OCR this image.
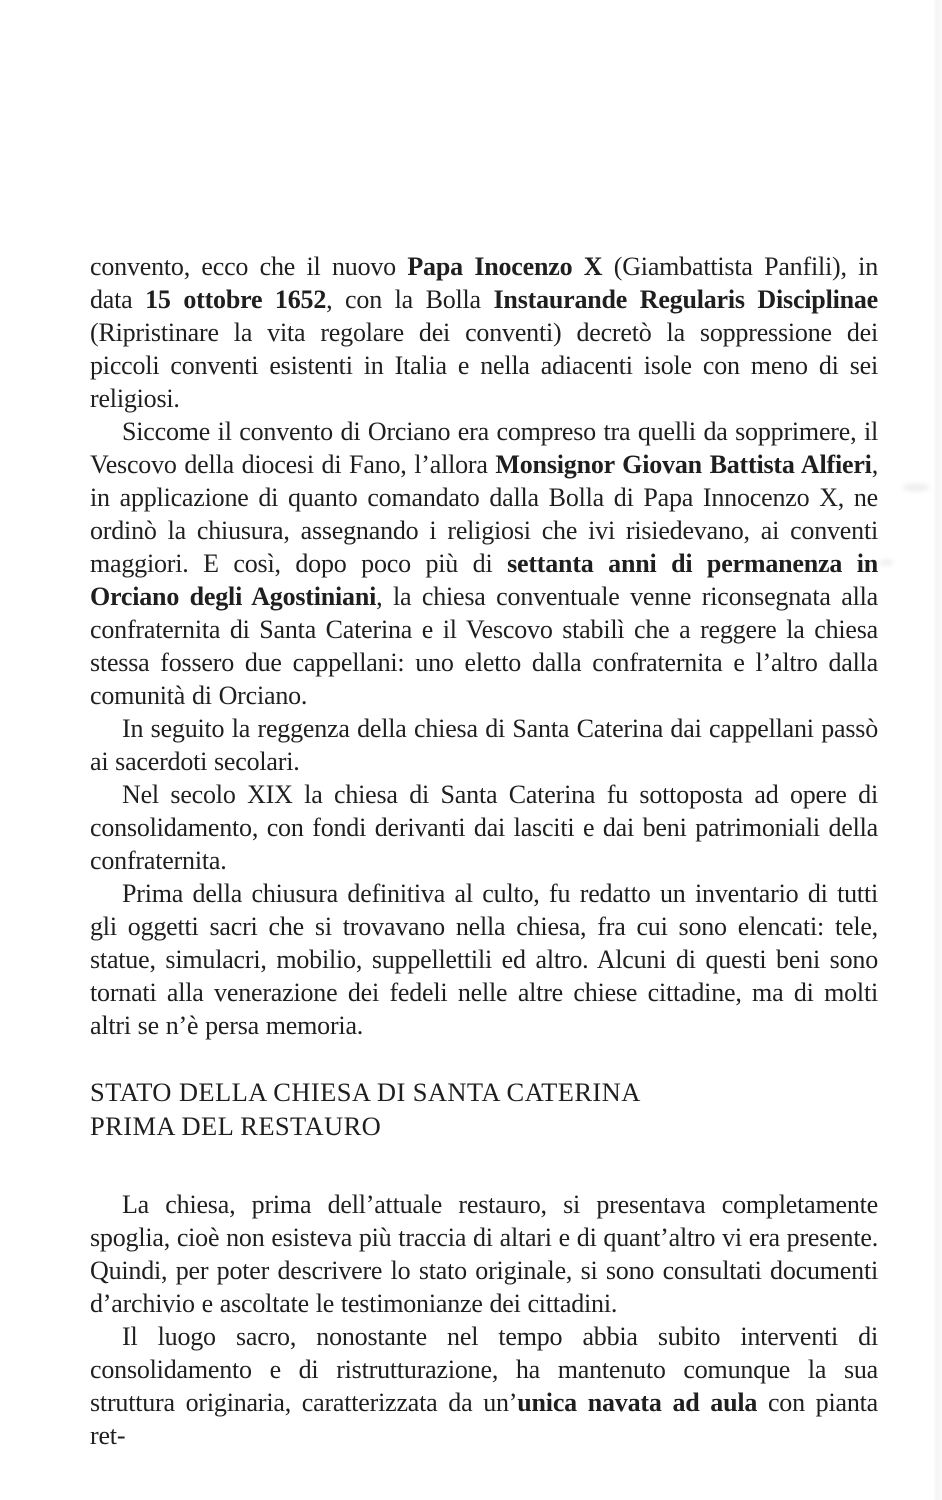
convento, ecco che il nuovo Papa Inocenzo X (Giambattista Panfili), in data 15 ottobre 1652, con la Bolla Instaurande Regularis Disciplinae (Ripristinare la vita regolare dei conventi) decretò la soppressione dei piccoli conventi esistenti in Italia e nella adiacenti isole con meno di sei religiosi.

Siccome il convento di Orciano era compreso tra quelli da sopprimere, il Vescovo della diocesi di Fano, l’allora Monsignor Giovan Battista Alfieri, in applicazione di quanto comandato dalla Bolla di Papa Innocenzo X, ne ordinò la chiusura, assegnando i religiosi che ivi risiedevano, ai conventi maggiori. E così, dopo poco più di settanta anni di permanenza in Orciano degli Agostiniani, la chiesa conventuale venne riconsegnata alla confraternita di Santa Caterina e il Vescovo stabilì che a reggere la chiesa stessa fossero due cappellani: uno eletto dalla confraternita e l’altro dalla comunità di Orciano.

In seguito la reggenza della chiesa di Santa Caterina dai cappellani passò ai sacerdoti secolari.

Nel secolo XIX la chiesa di Santa Caterina fu sottoposta ad opere di consolidamento, con fondi derivanti dai lasciti e dai beni patrimoniali della confraternita.

Prima della chiusura definitiva al culto, fu redatto un inventario di tutti gli oggetti sacri che si trovavano nella chiesa, fra cui sono elencati: tele, statue, simulacri, mobilio, suppellettili ed altro. Alcuni di questi beni sono tornati alla venerazione dei fedeli nelle altre chiese cittadine, ma di molti altri se n’è persa memoria.

STATO DELLA CHIESA DI SANTA CATERINA
PRIMA DEL RESTAURO

La chiesa, prima dell’attuale restauro, si presentava completamente spoglia, cioè non esisteva più traccia di altari e di quant’altro vi era presente. Quindi, per poter descrivere lo stato originale, si sono consultati documenti d’archivio e ascoltate le testimonianze dei cittadini.

Il luogo sacro, nonostante nel tempo abbia subito interventi di consolidamento e di ristrutturazione, ha mantenuto comunque la sua struttura originaria, caratterizzata da un’unica navata ad aula con pianta ret-
